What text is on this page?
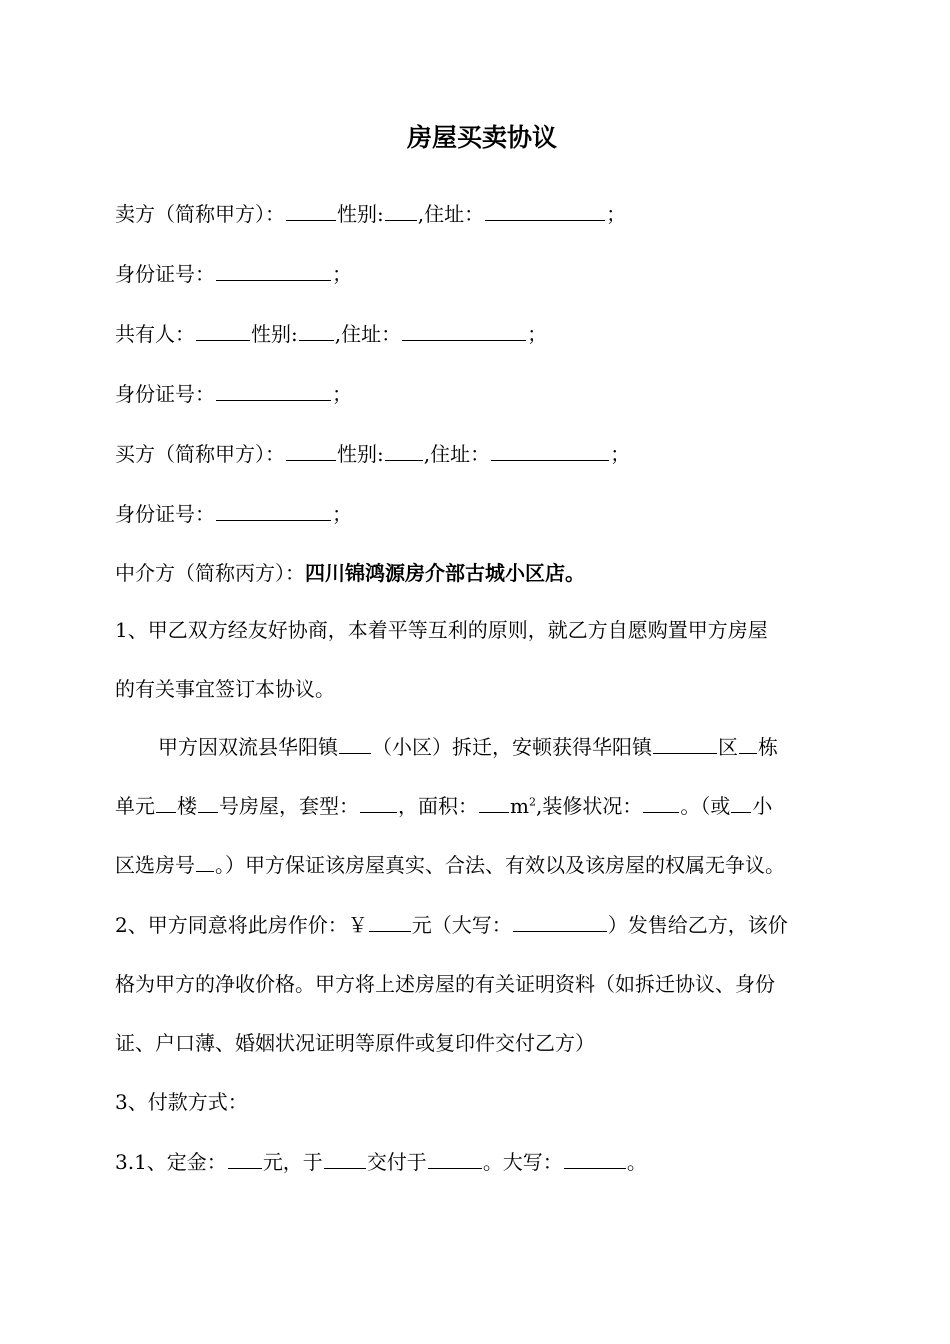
房屋买卖协议
卖方（简称甲方）：	性别: ,住址：	；
身份证号：	；
共有人：	性别: ,住址：	；
身份证号：	；
买方（简称甲方）：	性别: ,住址：	；
身份证号：	；
中介方（简称丙方）：四川锦鸿源房介部古城小区店。
1、甲乙双方经友好协商，本着平等互利的原则，就乙方自愿购置甲方房屋
的有关事宜签订本协议。
甲方因双流县华阳镇 （小区）拆迁，安顿获得华阳镇	区 栋
单元 楼 号房屋，套型： ，面积： $m^2$,装修状况： 。（或 小
区选房号 。）甲方保证该房屋真实、合法、有效以及该房屋的权属无争议。
2、甲方同意将此房作价：￥ 元（大写：	）发售给乙方，该价
格为甲方的净收价格。甲方将上述房屋的有关证明资料（如拆迁协议、身份
证、户口薄、婚姻状况证明等原件或复印件交付乙方）
3、付款方式：
3.1、定金： 元，于 交付于	。大写：	。
